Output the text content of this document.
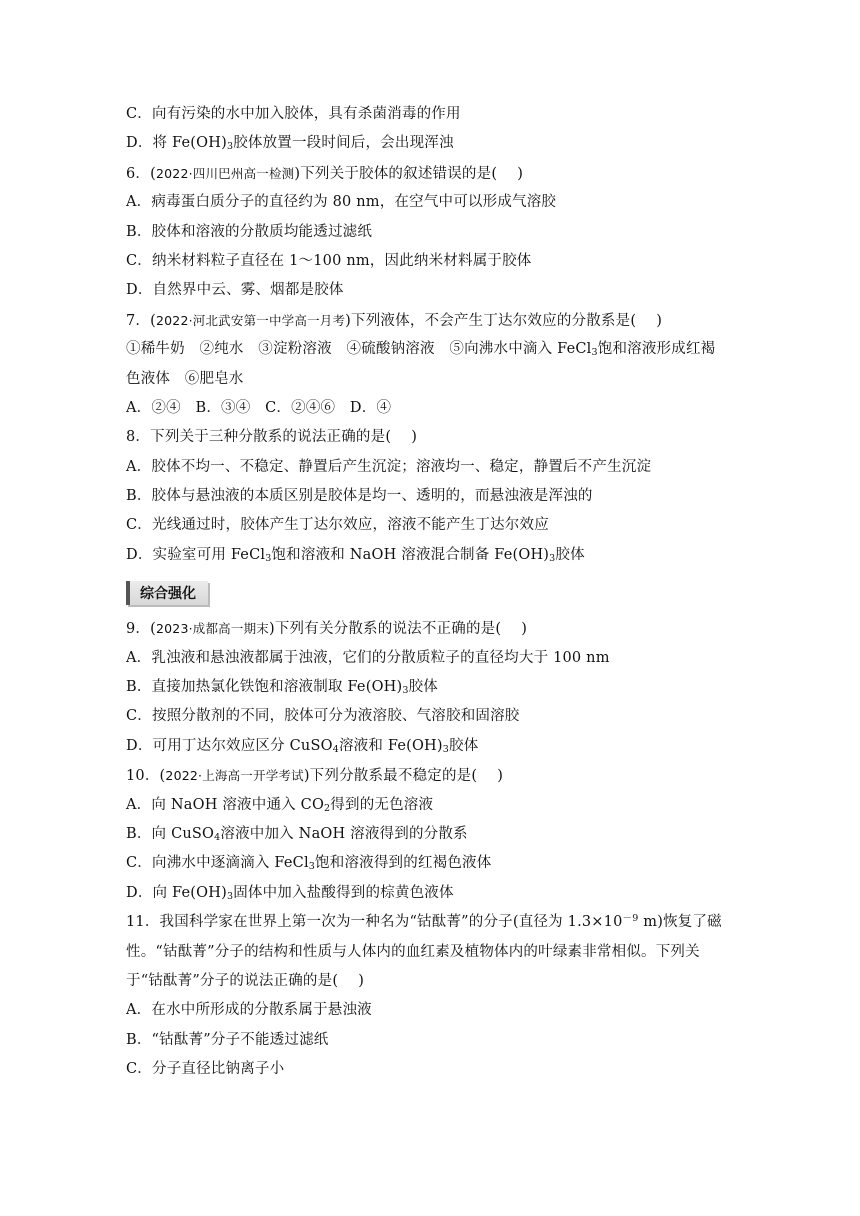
C．向有污染的水中加入胶体，具有杀菌消毒的作用
D．将 $Fe(OH)_3$胶体放置一段时间后，会出现浑浊
6．(2022·四川巴州高一检测)下列关于胶体的叙述错误的是( )
A．病毒蛋白质分子的直径约为 80 nm，在空气中可以形成气溶胶
B．胶体和溶液的分散质均能透过滤纸
C．纳米材料粒子直径在 1～100 nm，因此纳米材料属于胶体
D．自然界中云、雾、烟都是胶体
7．(2022·河北武安第一中学高一月考)下列液体，不会产生丁达尔效应的分散系是( )
①稀牛奶　②纯水　③淀粉溶液　④硫酸钠溶液　⑤向沸水中滴入 FeCl$_3$饱和溶液形成红褐
色液体　⑥肥皂水
A．②④　B．③④　C．②④⑥　D．④
8．下列关于三种分散系的说法正确的是( )
A．胶体不均一、不稳定、静置后产生沉淀；溶液均一、稳定，静置后不产生沉淀
B．胶体与悬浊液的本质区别是胶体是均一、透明的，而悬浊液是浑浊的
C．光线通过时，胶体产生丁达尔效应，溶液不能产生丁达尔效应
D．实验室可用 FeCl$_3$饱和溶液和 NaOH 溶液混合制备 $Fe(OH)_3$胶体
综合强化
9．(2023·成都高一期末)下列有关分散系的说法不正确的是( )
A．乳浊液和悬浊液都属于浊液，它们的分散质粒子的直径均大于 100 nm
B．直接加热氯化铁饱和溶液制取 $Fe(OH)_3$胶体
C．按照分散剂的不同，胶体可分为液溶胶、气溶胶和固溶胶
D．可用丁达尔效应区分 CuSO$_4$溶液和 $Fe(OH)_3$胶体
10．(2022·上海高一开学考试)下列分散系最不稳定的是( )
A．向 NaOH 溶液中通入 $CO_2$得到的无色溶液
B．向 CuSO$_4$溶液中加入 NaOH 溶液得到的分散系
C．向沸水中逐滴滴入 FeCl$_3$饱和溶液得到的红褐色液体
D．向 $Fe(OH)_3$固体中加入盐酸得到的棕黄色液体
11．我国科学家在世界上第一次为一种名为“钴酞菁”的分子(直径为 $1.3\times 10^{-9}$ m)恢复了磁
性。“钴酞菁”分子的结构和性质与人体内的血红素及植物体内的叶绿素非常相似。下列关
于“钴酞菁”分子的说法正确的是( )
A．在水中所形成的分散系属于悬浊液
B．“钴酞菁”分子不能透过滤纸
C．分子直径比钠离子小
